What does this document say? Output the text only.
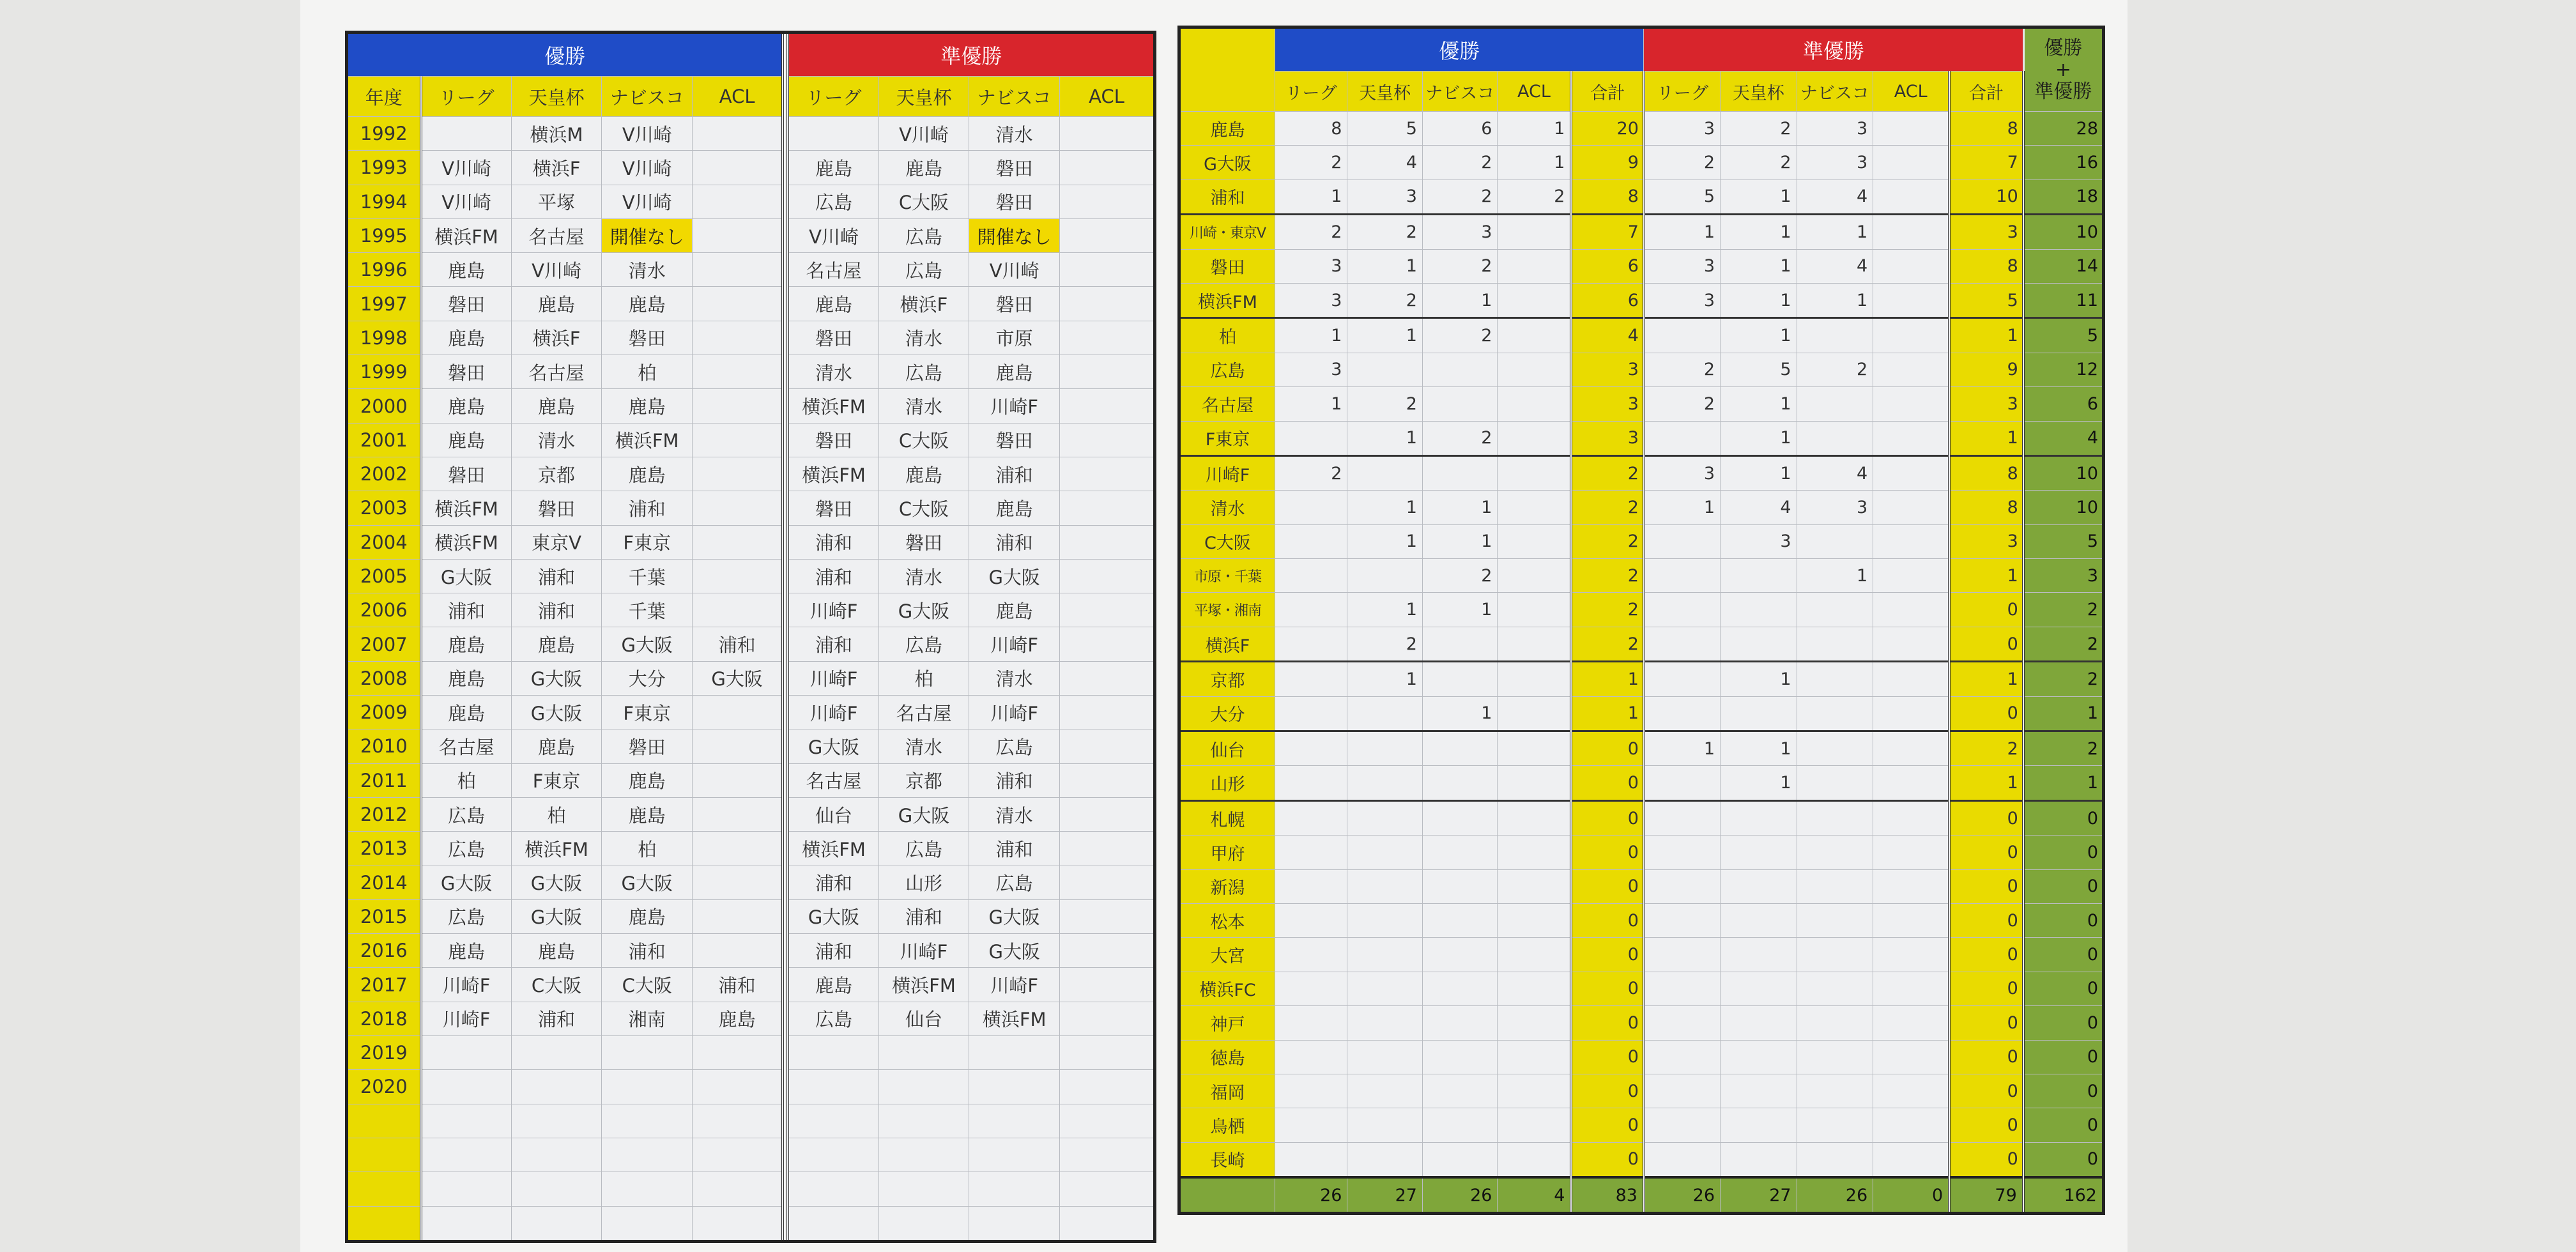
優勝						準優勝			
年度	リーグ	天皇杯	ナビスコ	ACL		リーグ	天皇杯	ナビスコ	ACL
1992		横浜M	V川崎				V川崎	清水	
1993	V川崎	横浜F	V川崎			鹿島	鹿島	磐田	
1994	V川崎	平塚	V川崎			広島	C大阪	磐田	
1995	横浜FM	名古屋	開催なし			V川崎	広島	開催なし	
1996	鹿島	V川崎	清水			名古屋	広島	V川崎	
1997	磐田	鹿島	鹿島			鹿島	横浜F	磐田	
1998	鹿島	横浜F	磐田			磐田	清水	市原	
1999	磐田	名古屋	柏			清水	広島	鹿島	
2000	鹿島	鹿島	鹿島			横浜FM	清水	川崎F	
2001	鹿島	清水	横浜FM			磐田	C大阪	磐田	
2002	磐田	京都	鹿島			横浜FM	鹿島	浦和	
2003	横浜FM	磐田	浦和			磐田	C大阪	鹿島	
2004	横浜FM	東京V	F東京			浦和	磐田	浦和	
2005	G大阪	浦和	千葉			浦和	清水	G大阪	
2006	浦和	浦和	千葉			川崎F	G大阪	鹿島	
2007	鹿島	鹿島	G大阪	浦和		浦和	広島	川崎F	
2008	鹿島	G大阪	大分	G大阪		川崎F	柏	清水	
2009	鹿島	G大阪	F東京			川崎F	名古屋	川崎F	
2010	名古屋	鹿島	磐田			G大阪	清水	広島	
2011	柏	F東京	鹿島			名古屋	京都	浦和	
2012	広島	柏	鹿島			仙台	G大阪	清水	
2013	広島	横浜FM	柏			横浜FM	広島	浦和	
2014	G大阪	G大阪	G大阪			浦和	山形	広島	
2015	広島	G大阪	鹿島			G大阪	浦和	G大阪	
2016	鹿島	鹿島	浦和			浦和	川崎F	G大阪	
2017	川崎F	C大阪	C大阪	浦和		鹿島	横浜FM	川崎F	
2018	川崎F	浦和	湘南	鹿島		広島	仙台	横浜FM	
2019									
2020									

	優勝					準優勝					優勝
+
準優勝
	リーグ	天皇杯	ナビスコ	ACL	合計	リーグ	天皇杯	ナビスコ	ACL	合計	
鹿島	8	5	6	1	20	3	2	3		8	28
G大阪	2	4	2	1	9	2	2	3		7	16
浦和	1	3	2	2	8	5	1	4		10	18
川崎・東京V	2	2	3		7	1	1	1		3	10
磐田	3	1	2		6	3	1	4		8	14
横浜FM	3	2	1		6	3	1	1		5	11
柏	1	1	2		4		1			1	5
広島	3				3	2	5	2		9	12
名古屋	1	2			3	2	1			3	6
F東京		1	2		3		1			1	4
川崎F	2				2	3	1	4		8	10
清水		1	1		2	1	4	3		8	10
C大阪		1	1		2		3			3	5
市原・千葉			2		2			1		1	3
平塚・湘南		1	1		2					0	2
横浜F		2			2					0	2
京都		1			1		1			1	2
大分			1		1					0	1
仙台					0	1	1			2	2
山形					0		1			1	1
札幌					0					0	0
甲府					0					0	0
新潟					0					0	0
松本					0					0	0
大宮					0					0	0
横浜FC					0					0	0
神戸					0					0	0
徳島					0					0	0
福岡					0					0	0
鳥栖					0					0	0
長崎					0					0	0
	26	27	26	4	83	26	27	26	0	79	162
